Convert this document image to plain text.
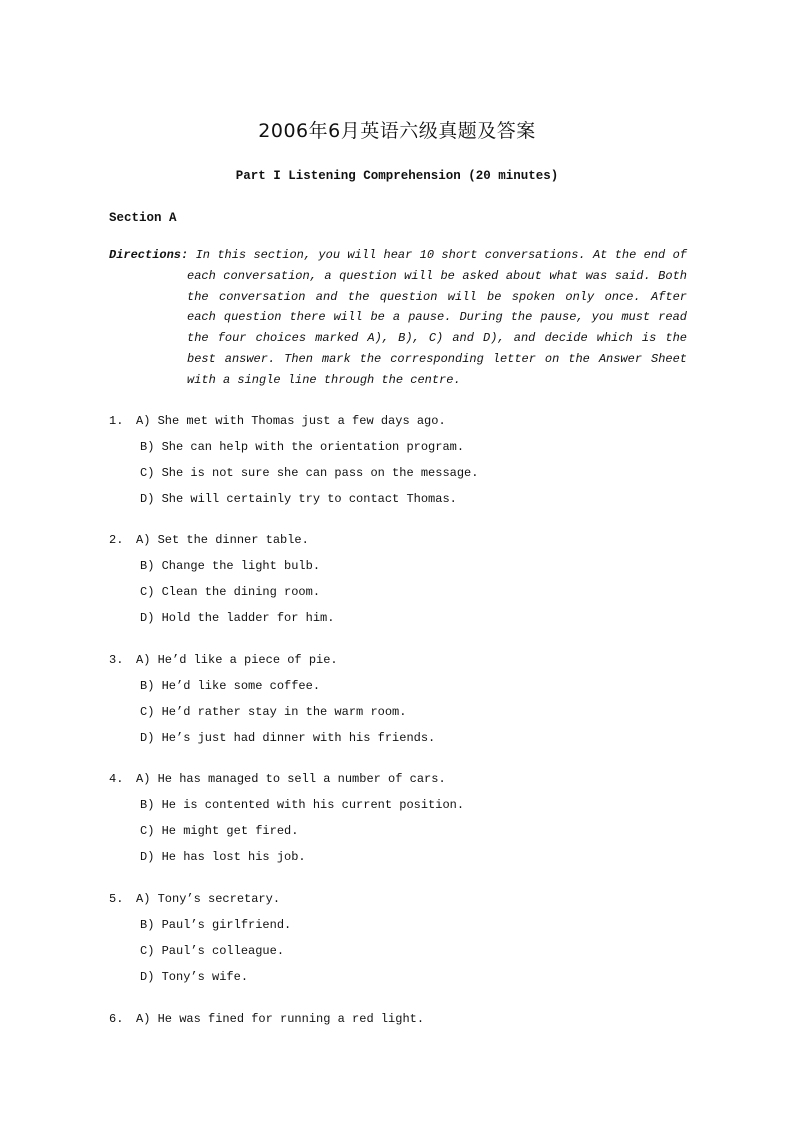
2006年6月英语六级真题及答案
Part I Listening Comprehension (20 minutes)
Section A
Directions: In this section, you will hear 10 short conversations. At the end of each conversation, a question will be asked about what was said. Both the conversation and the question will be spoken only once. After each question there will be a pause. During the pause, you must read the four choices marked A), B), C) and D), and decide which is the best answer. Then mark the corresponding letter on the Answer Sheet with a single line through the centre.
1. A) She met with Thomas just a few days ago.
B) She can help with the orientation program.
C) She is not sure she can pass on the message.
D) She will certainly try to contact Thomas.
2. A) Set the dinner table.
B) Change the light bulb.
C) Clean the dining room.
D) Hold the ladder for him.
3. A) He’d like a piece of pie.
B) He’d like some coffee.
C) He’d rather stay in the warm room.
D) He’s just had dinner with his friends.
4. A) He has managed to sell a number of cars.
B) He is contented with his current position.
C) He might get fired.
D) He has lost his job.
5. A) Tony’s secretary.
B) Paul’s girlfriend.
C) Paul’s colleague.
D) Tony’s wife.
6. A) He was fined for running a red light.
